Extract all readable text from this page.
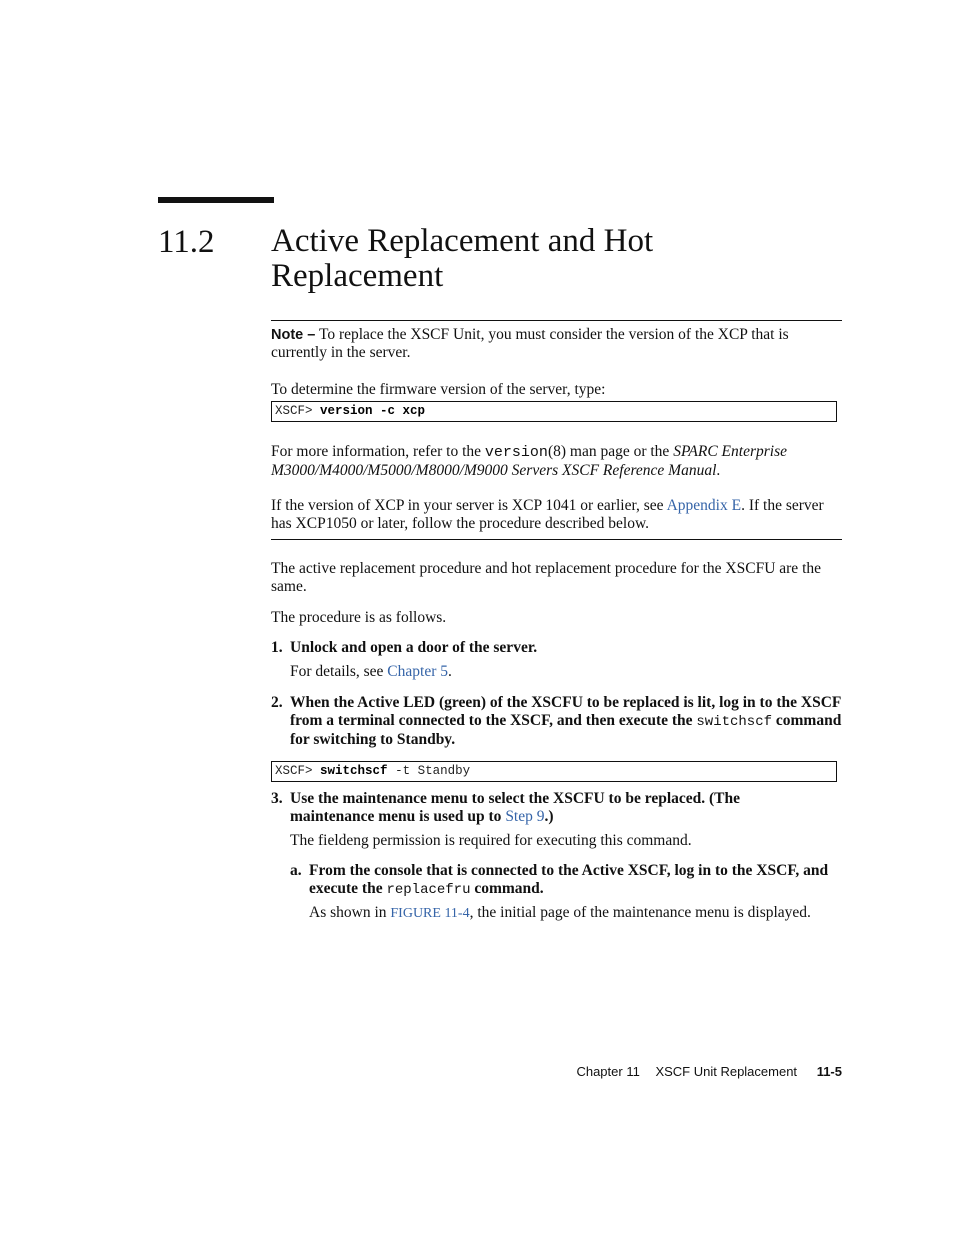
11.2 Active Replacement and Hot Replacement
Note – To replace the XSCF Unit, you must consider the version of the XCP that is currently in the server.
To determine the firmware version of the server, type:
XSCF> version -c xcp
For more information, refer to the version(8) man page or the SPARC Enterprise M3000/M4000/M5000/M8000/M9000 Servers XSCF Reference Manual.
If the version of XCP in your server is XCP 1041 or earlier, see Appendix E. If the server has XCP1050 or later, follow the procedure described below.
The active replacement procedure and hot replacement procedure for the XSCFU are the same.
The procedure is as follows.
1. Unlock and open a door of the server.
For details, see Chapter 5.
2. When the Active LED (green) of the XSCFU to be replaced is lit, log in to the XSCF from a terminal connected to the XSCF, and then execute the switchscf command for switching to Standby.
XSCF> switchscf -t Standby
3. Use the maintenance menu to select the XSCFU to be replaced. (The maintenance menu is used up to Step 9.)
The fieldeng permission is required for executing this command.
a. From the console that is connected to the Active XSCF, log in to the XSCF, and execute the replacefru command.
As shown in FIGURE 11-4, the initial page of the maintenance menu is displayed.
Chapter 11 XSCF Unit Replacement 11-5
